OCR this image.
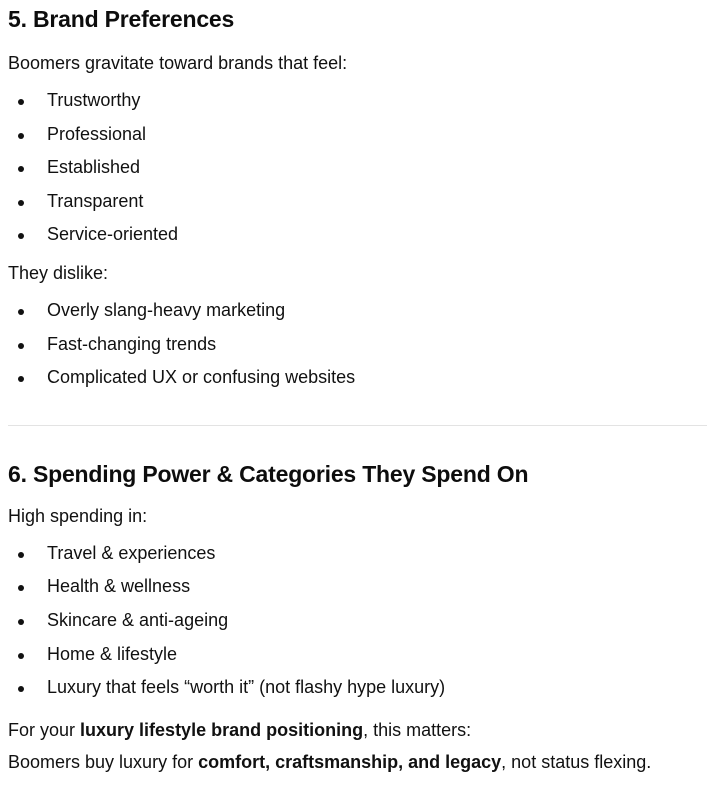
5. Brand Preferences

Boomers gravitate toward brands that feel:

Trustworthy
Professional
Established
Transparent
Service-oriented

They dislike:

Overly slang-heavy marketing
Fast-changing trends
Complicated UX or confusing websites
6. Spending Power & Categories They Spend On

High spending in:

Travel & experiences
Health & wellness
Skincare & anti-ageing
Home & lifestyle
Luxury that feels “worth it” (not flashy hype luxury)

For your luxury lifestyle brand positioning, this matters:

Boomers buy luxury for comfort, craftsmanship, and legacy, not status flexing.
